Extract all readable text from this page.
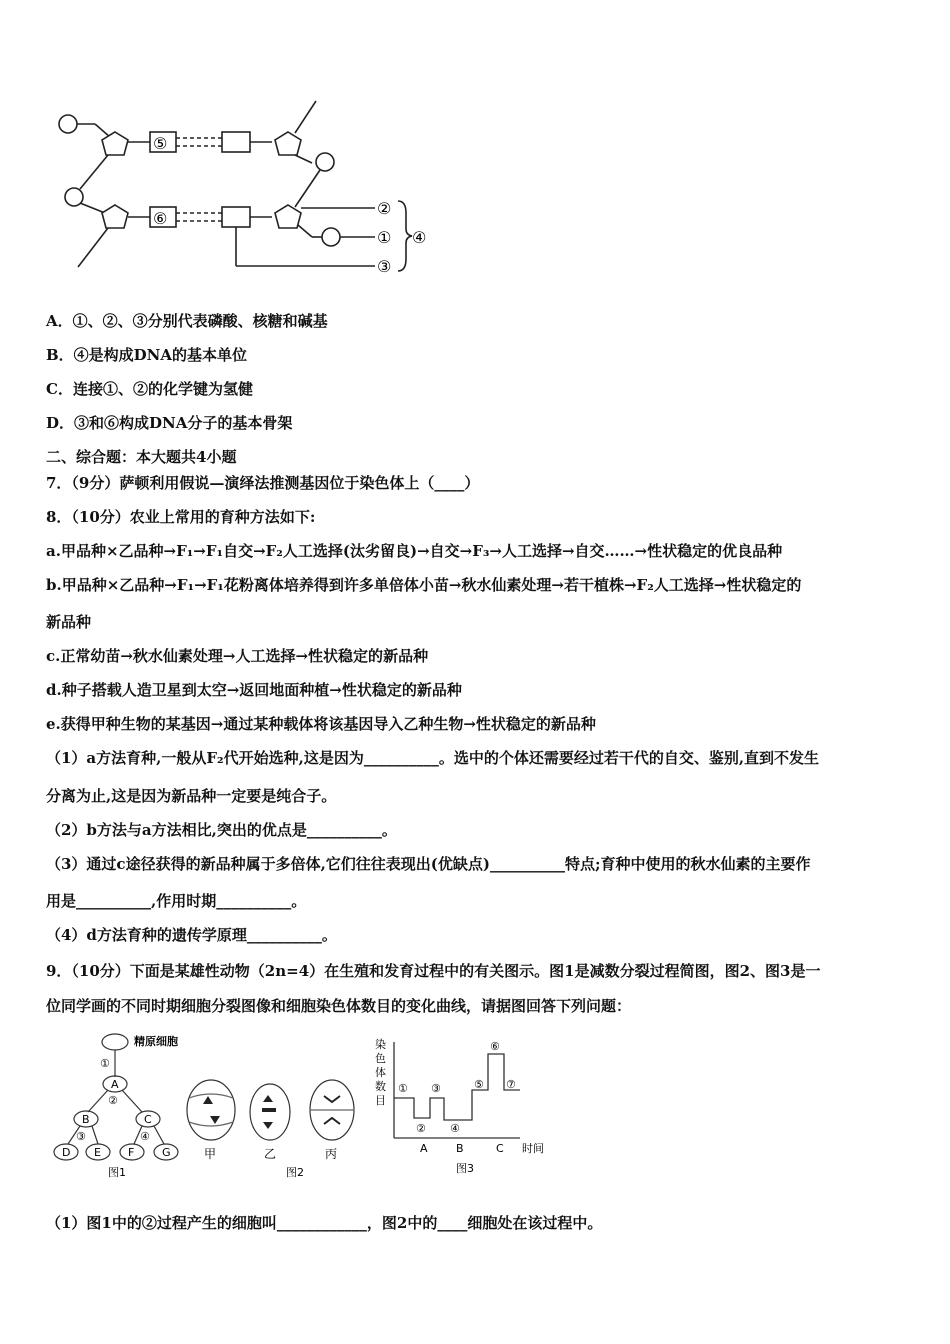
⑤
⑥
②
①
③
④
A．①、②、③分别代表磷酸、核糖和碱基
B．④是构成DNA的基本单位
C．连接①、②的化学键为氢健
D．③和⑥构成DNA分子的基本骨架
二、综合题：本大题共4小题
7．（9分）萨顿利用假说—演绎法推测基因位于染色体上（____）
8．（10分）农业上常用的育种方法如下:
a.甲品种×乙品种→F₁→F₁自交→F₂人工选择(汰劣留良)→自交→F₃→人工选择→自交……→性状稳定的优良品种
b.甲品种×乙品种→F₁→F₁花粉离体培养得到许多单倍体小苗→秋水仙素处理→若干植株→F₂人工选择→性状稳定的
新品种
c.正常幼苗→秋水仙素处理→人工选择→性状稳定的新品种
d.种子搭载人造卫星到太空→返回地面种植→性状稳定的新品种
e.获得甲种生物的某基因→通过某种载体将该基因导入乙种生物→性状稳定的新品种
（1）a方法育种,一般从F₂代开始选种,这是因为__________。选中的个体还需要经过若干代的自交、鉴别,直到不发生
分离为止,这是因为新品种一定要是纯合子。
（2）b方法与a方法相比,突出的优点是__________。
（3）通过c途径获得的新品种属于多倍体,它们往往表现出(优缺点)__________特点;育种中使用的秋水仙素的主要作
用是__________,作用时期__________。
（4）d方法育种的遗传学原理__________。
9．（10分）下面是某雄性动物（2n=4）在生殖和发育过程中的有关图示。图1是减数分裂过程简图，图2、图3是一
位同学画的不同时期细胞分裂图像和细胞染色体数目的变化曲线，请据图回答下列问题：
精原细胞
①
②
③	④
A
B	C
D E F	G
图1
甲	乙	丙
图2
染
色
体
数
目
①
②
③
④
⑤
⑥
⑦
A	B	C 时间
图3
（1）图1中的②过程产生的细胞叫____________，图2中的____细胞处在该过程中。
